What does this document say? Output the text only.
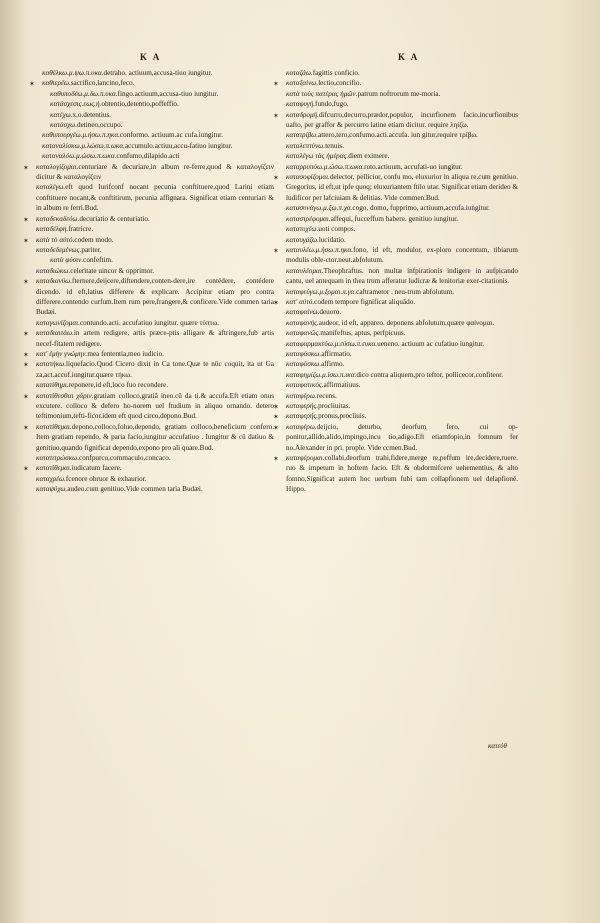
K A	K A
καθέλκω.μ.ψω.π.υκα.detraho. actiuum,accusa-tiuo iungitur.
✶ καθιερέω.sacrifico,lancino,feco.
καθυποδέω.μ.δω.π.υκα.fingo.actiuum,accusa-tiuo iungitur.
κατάσχεσις.εως.ἡ.obtentio,detentio,poffeffio.
κατέχω.x.ο.detentius.
κατάσχω.detineo,occupo.
καθυπουργέω.μ.ήσω.π.ηκα.conformo. actiuum.ac cufa.iungitur.
καταναλίσκω.μ.λώσω.π.ωκα.accumulo.actiuu,accu-fatiuo iungitur.
καταναλόω.μ.ώσω.π.ωκα.confumo,dilapido.acti
✶ καταλογίζομαι.centuriare & decuriare,in album re-ferre,quod & καταλογίζειν dicitur & καταλογίζειν
καταλέγω.eft quod Iurifconf nocant pecunia conftituere,quod Larini etiam conftituere nocant,& conftitirum, pecunia affignara. Significat etiam centuriari & in album re ferri.Bud.
✶ καταδεκαδεύω.decuriatio & centuriatio.
καταδέλφη.fratricre.
✶ κατὰ τὸ αὐτό.codem modo.
καταδεδεμένως.pariter.
κατὰ φύσιν.confeftim.
καταδιώκω.celeritate uincor & opprimor.
✶ καταδιανύω.fternere,deijcere,diftendere,conten-dere,ire contédere, contédere dicendo. id eft,latius differere & explicare. Accipitur etiam pro contra differere.contendo curfum.Item rum pere,frangere,& conficere.Vide commen taria Budæi.
καταγωνίζομαι.contundo.acti. accufatiuo iungitur. quære τύπτω.
✶ καταδιαιτάω.in artem redigere, artis præce-ptis alligare & aftringere,fub artis necef-fitatem redigere.
✶ κατ' ἐμὴν γνώμην.mea fententia,meo iudicio.
✶ κατατήκω.liquefacio.Quod Cicero dixit in Ca tone.Quæ te nūc coquit, ita ut Ga za,act.accuf.iungitur.quære τήκω.
κατατίθημι.reponere,id eft,loco fuo recondere.
✶ κατατίθεσθαι χάριν.gratiam colloco,gratiā ineo.cū da ti.& accufa.Eft etiam onus excutere. colloco & defero ho-norem uel ftudium in aliquo ornando. detero teftimonium,tefti-ficor.idem eft quod circo,depono.Bud.
✶ κατατίθεμαι.depono,colloco,foluo,dependo, gratiam colloco,beneficium confero. Item gratiam rependo, & paria facio,iungitur accufatiuo . Iungitur & cū datiuo & genitiuo,quando fignificat dependo,expono pro ali quare.Bud.
κατατιτρώσκω.confpurco,commaculo,concaco.
✶ κατατίθεμαι.iudicatum facere.
καταχρέω.fcenore obruor & exhaurior.
καταψύχω.audeo.cum genitiuo.Vide commen taria Budæi.
καταζάω.fagittis conficio.
✶ καταξαίνω.lectio,concifio.
κατὰ τοὺς πατέρας ἡμῶν.patrum noftrorum me-moria.
καταφυγή.fundo,fugo.
✶ καταδρομή.difcurro,decurro,prædor,populor, incurfionem facio,incurfionibus uafto, per graffor & percurro latine etiam dicitur. require ληίζω.
κατατρίβω.attero,tero,confumo.acti.accufa. iun gitur,require τρίβω.
καταλεπτύνω.tenuis.
καταλέγω τὰς ἡμέρας.diem eximere.
καταρρυπόω.μ.ώσω.π.ωκα.roto.actiuum, accufati-uo iungitur.
✶ κατασοφίζομαι.delector, pellicior, confu mo, eluxurior in aliqua re.cum genitiuo. Gregorius, id eft,ut ipfe quoq; eluxuriantem ftilo utar. Significat etiam derideo & ludificor per lafciuiam & delitias. Vide commen.Bud.
κατασυνάγω.μ.ξω.π.χα.cogo, domo, fupprimo, actiuum,accufa.iungitur.
καταστρέφομαι.affequi, fucceffum habere. genitiuo iungitur.
κατατυχέω.uoti compos.
καταυγάζω.lucidatio.
✶ καταυλέω.μ.ήσω.π.ηκα.fono, id eft, modulor, ex-ploro concentum, tibiarum modulis oble-ctor.neut.abfolutum.
καταυλέομαι.Theophraftus. non multæ infpirationis indigere in aufpicando cantu, uel antequam in thea trum afferatur ludicræ & lenitoriæ exer-citationis.
καταφεύγω.μ.ξομαι.π.γα.caftrametor . neu-trum abfolutum.
✶ κατ' αὐτό.codem tempore fignificat aliquādo.
καταφαίνω.deuoro.
καταφανής.audeor, id eft, appareo. deponens abfolutum.quære φαίνομαι.
καταφανῶς.manifeftus, aptus, perfpicuus.
καταφαρμακεύω.μ.εύσω.π.ευκα.ueneno. actiuum ac cufatiuo iungitur.
καταφάσκω.affirmatio.
καταφάσκω.affirmo.
καταφημίζω.μ.ίσω.π.ικα.dico contra aliquem,pro teftor, pollicecor,confiteor.
καταφατικός.affirmatiuus.
καταφέρω.recens.
✶ καταφερής.procliuitas.
✶ καταφερής.pronus,procliuis.
✶ καταφέρω.deijcio, deturbo, deorfum fero, cui op-ponitur,allido,alido,impingo,incu tio,adigo.Eft etiamfopio,in fomnum fer no.Alexander in pri. prople. Vide ccmen.Bud.
✶ καταφέρομαι.collabi,deorfum trahi,fidere,merge re,peffum ire,decidere,ruere. ruo & impetum in hoftem facio. Eft & obdormifcere uehementius, & alto fomno,Significat autem hoc uerbum fubi tam collapfionem uel delapfioné. Hippo.
κατεύθ
